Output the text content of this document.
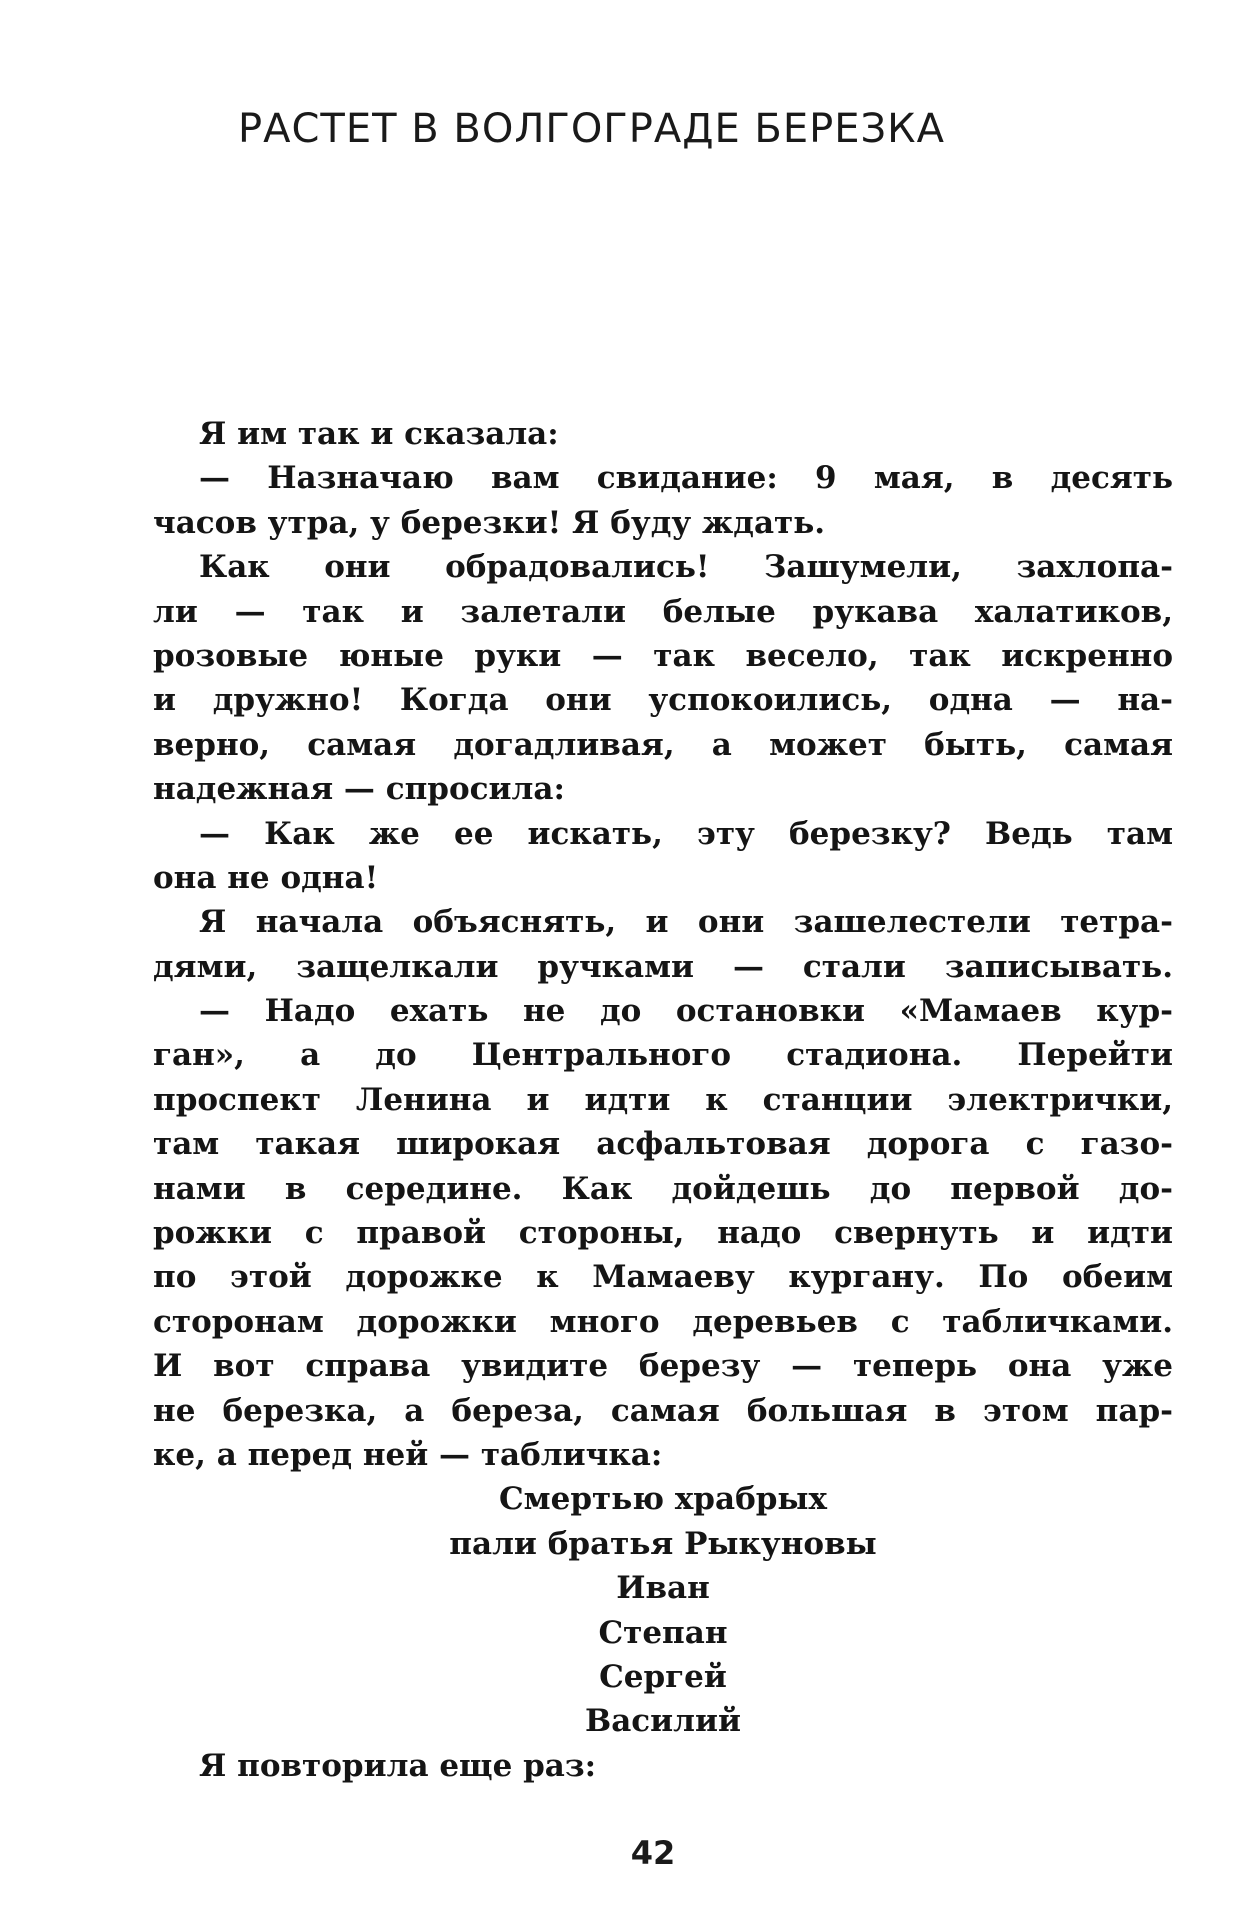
РАСТЕТ В ВОЛГОГРАДЕ БЕРЕЗКА
Я им так и сказала:
— Назначаю вам свидание: 9 мая, в десять
часов утра, у березки! Я буду ждать.
Как они обрадовались! Зашумели, захлопа-
ли — так и залетали белые рукава халатиков,
розовые юные руки — так весело, так искренно
и дружно! Когда они успокоились, одна — на-
верно, самая догадливая, а может быть, самая
надежная — спросила:
— Как же ее искать, эту березку? Ведь там
она не одна!
Я начала объяснять, и они зашелестели тетра-
дями, защелкали ручками — стали записывать.
— Надо ехать не до остановки «Мамаев кур-
ган», а до Центрального стадиона. Перейти
проспект Ленина и идти к станции электрички,
там такая широкая асфальтовая дорога с газо-
нами в середине. Как дойдешь до первой до-
рожки с правой стороны, надо свернуть и идти
по этой дорожке к Мамаеву кургану. По обеим
сторонам дорожки много деревьев с табличками.
И вот справа увидите березу — теперь она уже
не березка, а береза, самая большая в этом пар-
ке, а перед ней — табличка:
Смертью храбрых
пали братья Рыкуновы
Иван
Степан
Сергей
Василий
Я повторила еще раз:
42
